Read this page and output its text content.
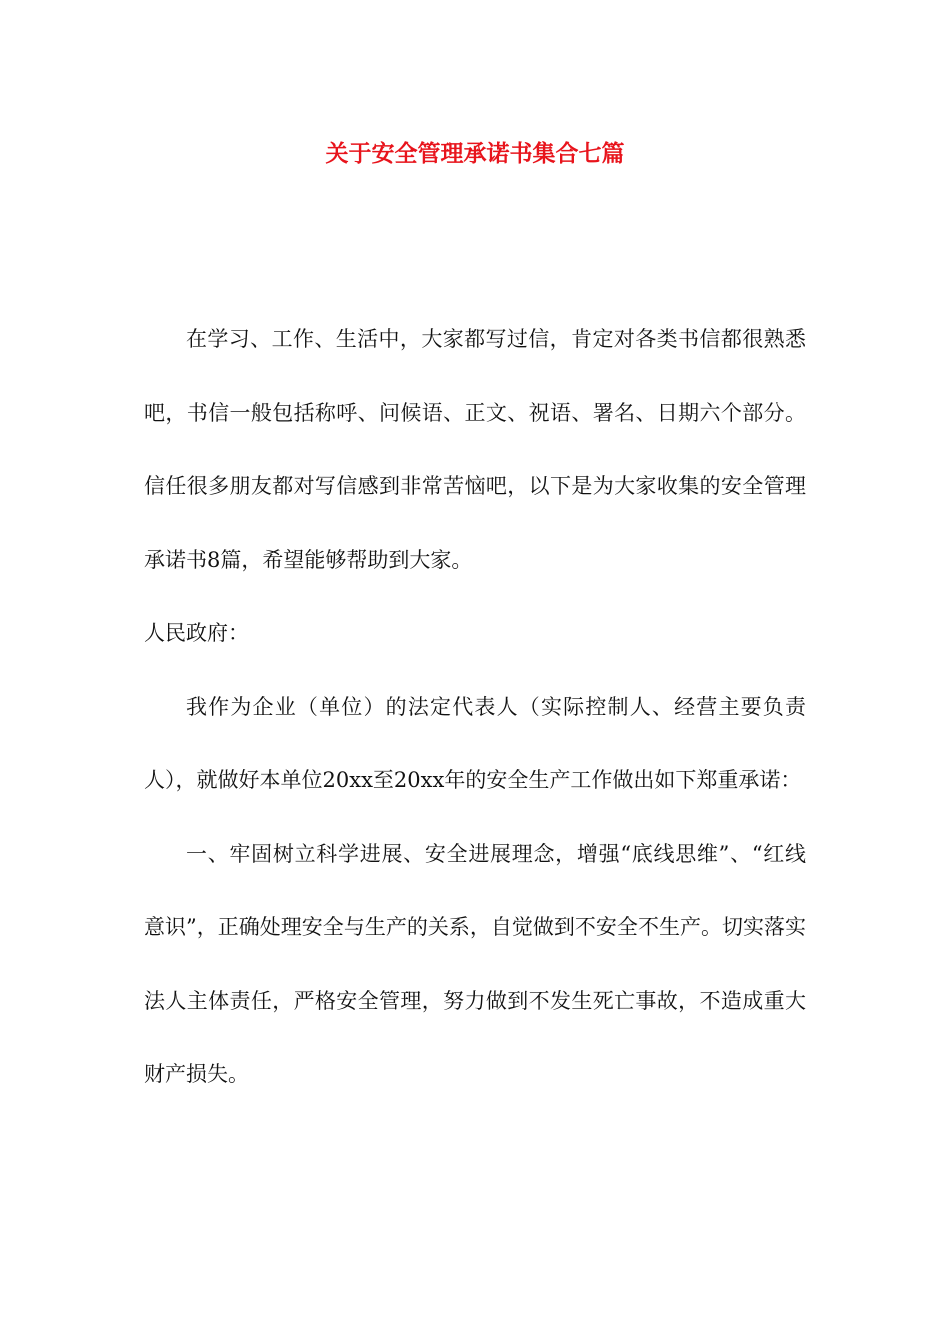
关于安全管理承诺书集合七篇

在学习、工作、生活中，大家都写过信，肯定对各类书信都很熟悉吧，书信一般包括称呼、问候语、正文、祝语、署名、日期六个部分。信任很多朋友都对写信感到非常苦恼吧，以下是为大家收集的安全管理承诺书8篇，希望能够帮助到大家。

人民政府：

我作为企业（单位）的法定代表人（实际控制人、经营主要负责人），就做好本单位20xx至20xx年的安全生产工作做出如下郑重承诺：

一、牢固树立科学进展、安全进展理念，增强“底线思维”、“红线意识”，正确处理安全与生产的关系，自觉做到不安全不生产。切实落实法人主体责任，严格安全管理，努力做到不发生死亡事故，不造成重大财产损失。
